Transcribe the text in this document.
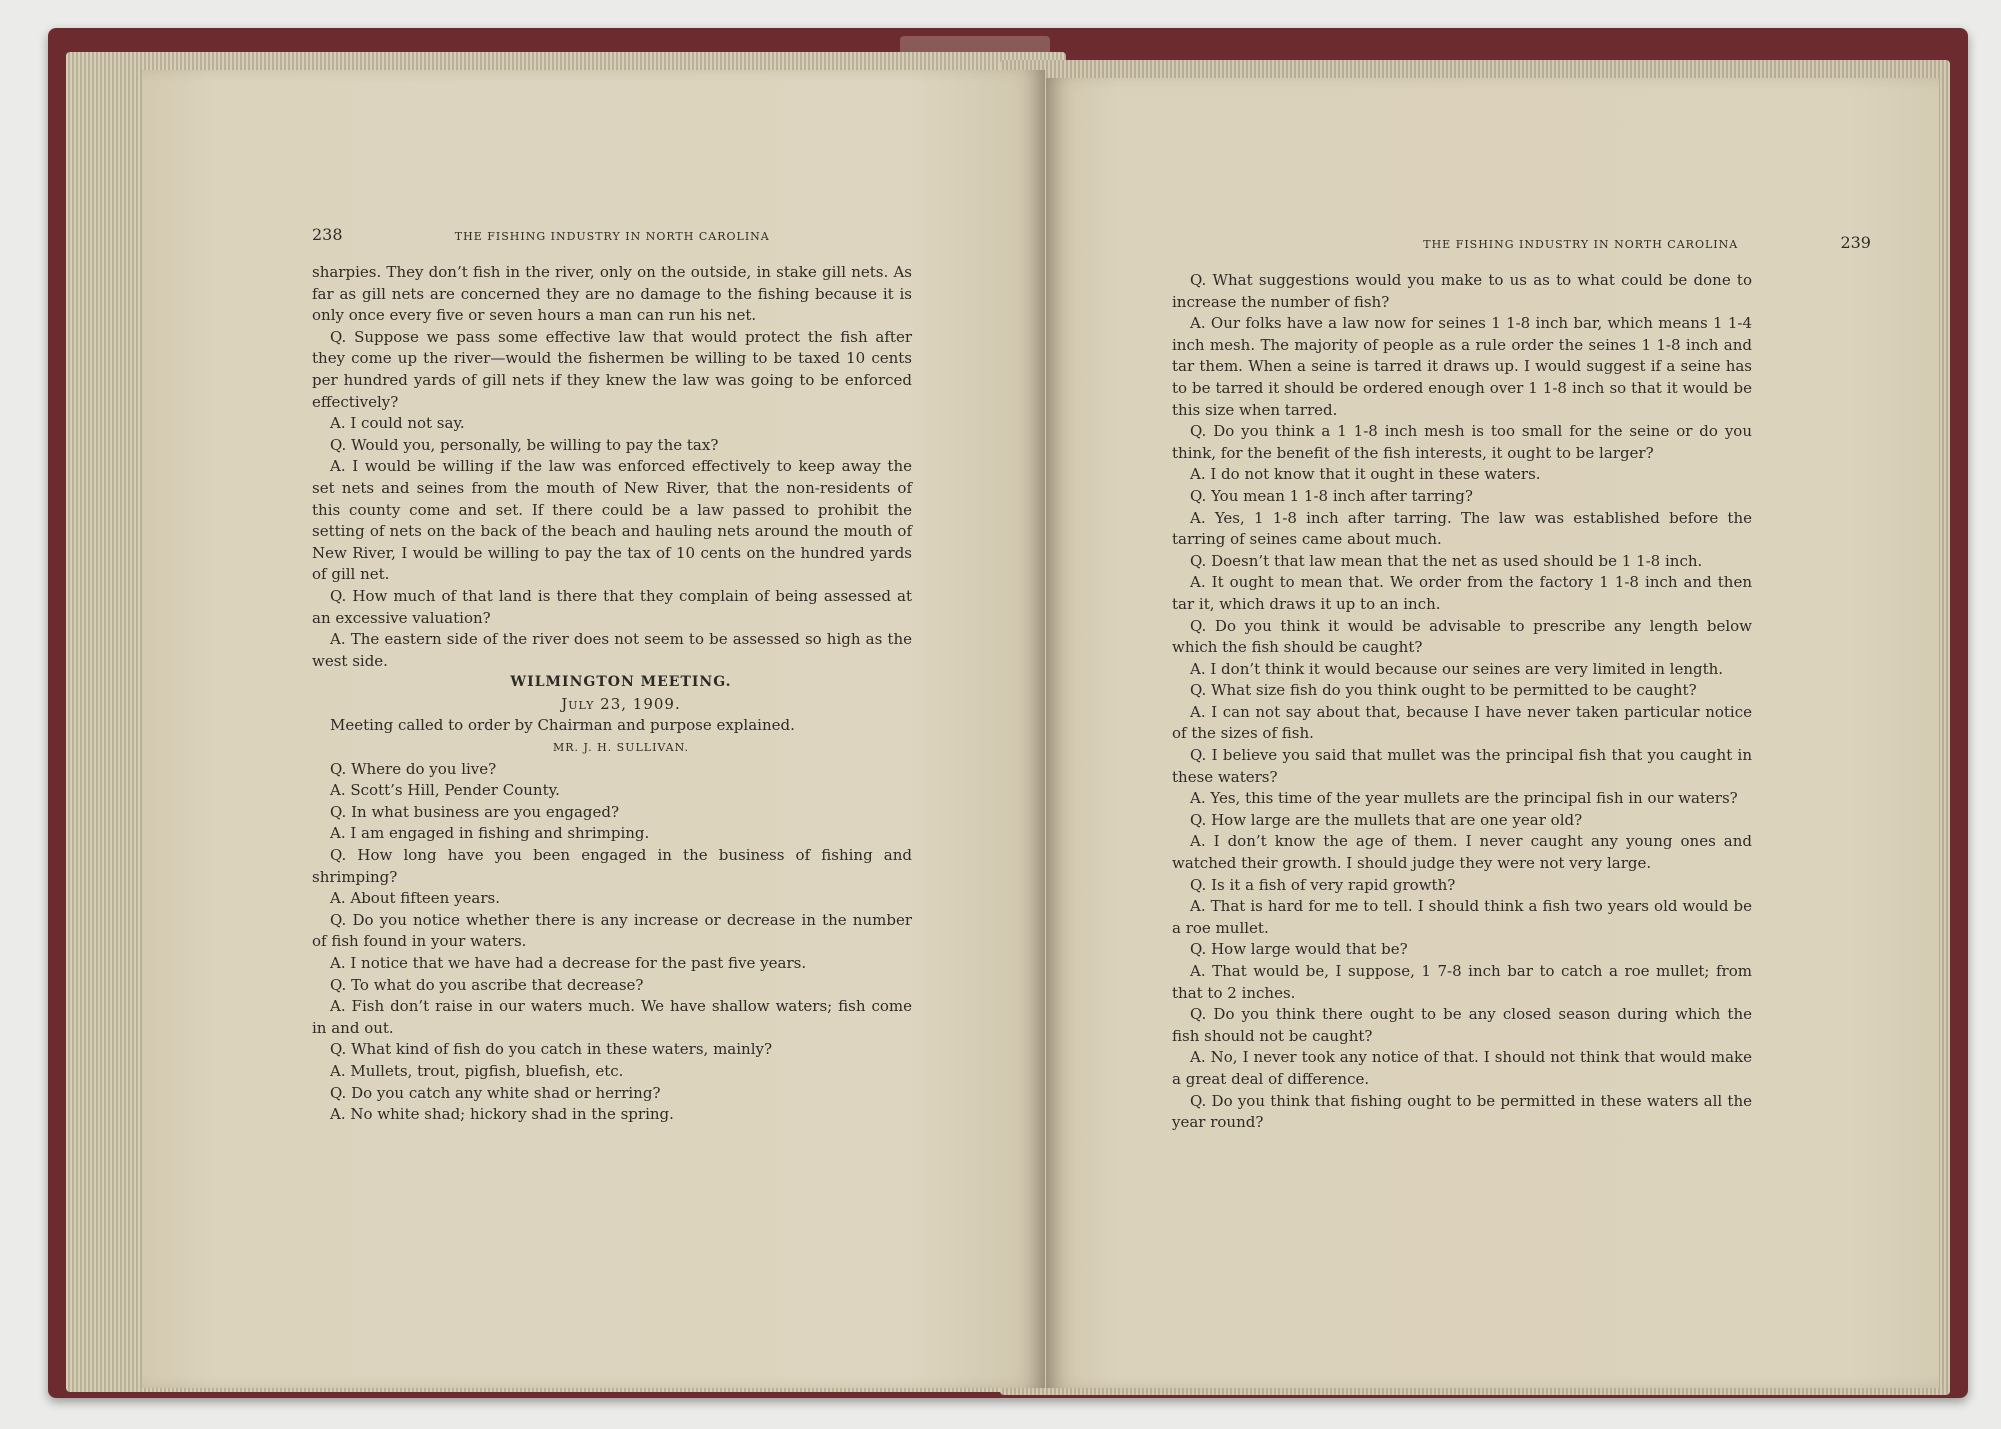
238	THE FISHING INDUSTRY IN NORTH CAROLINA

sharpies. They don’t fish in the river, only on the outside, in stake gill nets. As far as gill nets are concerned they are no damage to the fishing because it is only once every five or seven hours a man can run his net.

Q. Suppose we pass some effective law that would protect the fish after they come up the river—would the fishermen be willing to be taxed 10 cents per hundred yards of gill nets if they knew the law was going to be enforced effectively?

A. I could not say.

Q. Would you, personally, be willing to pay the tax?

A. I would be willing if the law was enforced effectively to keep away the set nets and seines from the mouth of New River, that the non-residents of this county come and set. If there could be a law passed to prohibit the setting of nets on the back of the beach and hauling nets around the mouth of New River, I would be willing to pay the tax of 10 cents on the hundred yards of gill net.

Q. How much of that land is there that they complain of being assessed at an excessive valuation?

A. The eastern side of the river does not seem to be assessed so high as the west side.

WILMINGTON MEETING.

July 23, 1909.

Meeting called to order by Chairman and purpose explained.

MR. J. H. SULLIVAN.

Q. Where do you live?

A. Scott’s Hill, Pender County.

Q. In what business are you engaged?

A. I am engaged in fishing and shrimping.

Q. How long have you been engaged in the business of fishing and shrimping?

A. About fifteen years.

Q. Do you notice whether there is any increase or decrease in the number of fish found in your waters.

A. I notice that we have had a decrease for the past five years.

Q. To what do you ascribe that decrease?

A. Fish don’t raise in our waters much. We have shallow waters; fish come in and out.

Q. What kind of fish do you catch in these waters, mainly?

A. Mullets, trout, pigfish, bluefish, etc.

Q. Do you catch any white shad or herring?

A. No white shad; hickory shad in the spring.

THE FISHING INDUSTRY IN NORTH CAROLINA	239

Q. What suggestions would you make to us as to what could be done to increase the number of fish?

A. Our folks have a law now for seines 1 1-8 inch bar, which means 1 1-4 inch mesh. The majority of people as a rule order the seines 1 1-8 inch and tar them. When a seine is tarred it draws up. I would suggest if a seine has to be tarred it should be ordered enough over 1 1-8 inch so that it would be this size when tarred.

Q. Do you think a 1 1-8 inch mesh is too small for the seine or do you think, for the benefit of the fish interests, it ought to be larger?

A. I do not know that it ought in these waters.

Q. You mean 1 1-8 inch after tarring?

A. Yes, 1 1-8 inch after tarring. The law was established before the tarring of seines came about much.

Q. Doesn’t that law mean that the net as used should be 1 1-8 inch.

A. It ought to mean that. We order from the factory 1 1-8 inch and then tar it, which draws it up to an inch.

Q. Do you think it would be advisable to prescribe any length below which the fish should be caught?

A. I don’t think it would because our seines are very limited in length.

Q. What size fish do you think ought to be permitted to be caught?

A. I can not say about that, because I have never taken particular notice of the sizes of fish.

Q. I believe you said that mullet was the principal fish that you caught in these waters?

A. Yes, this time of the year mullets are the principal fish in our waters?

Q. How large are the mullets that are one year old?

A. I don’t know the age of them. I never caught any young ones and watched their growth. I should judge they were not very large.

Q. Is it a fish of very rapid growth?

A. That is hard for me to tell. I should think a fish two years old would be a roe mullet.

Q. How large would that be?

A. That would be, I suppose, 1 7-8 inch bar to catch a roe mullet; from that to 2 inches.

Q. Do you think there ought to be any closed season during which the fish should not be caught?

A. No, I never took any notice of that. I should not think that would make a great deal of difference.

Q. Do you think that fishing ought to be permitted in these waters all the year round?
